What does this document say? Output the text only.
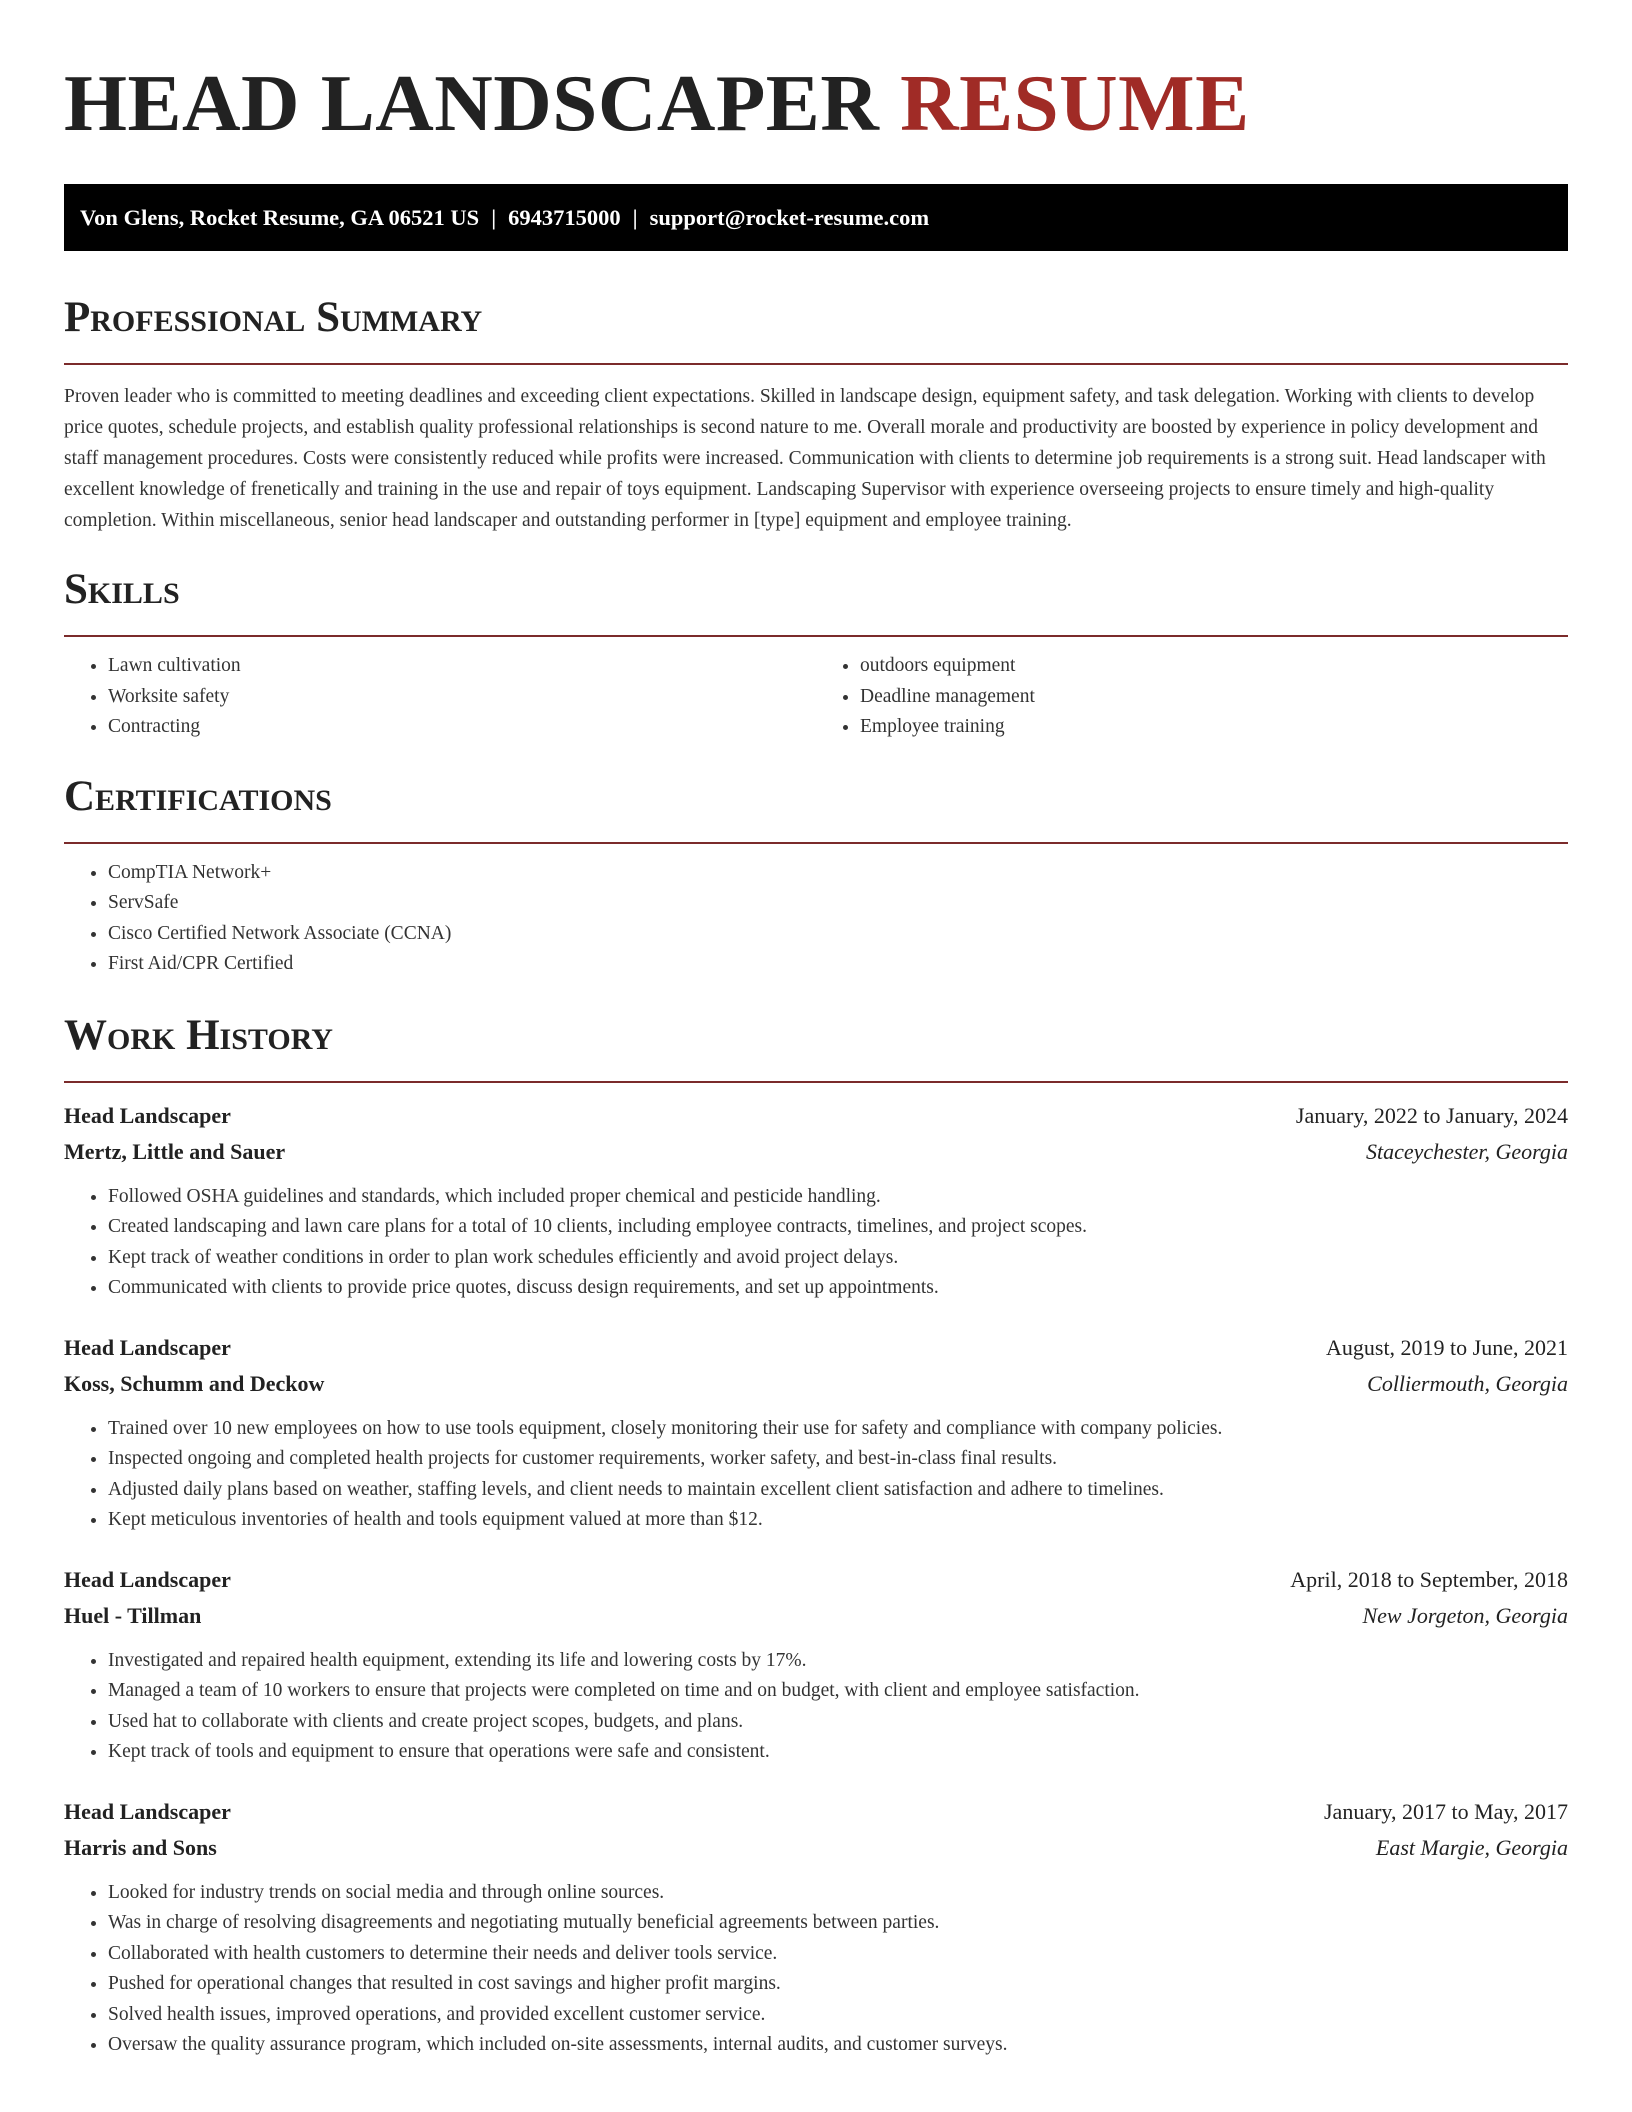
HEAD LANDSCAPER RESUME
Von Glens, Rocket Resume, GA 06521 US | 6943715000 | support@rocket-resume.com
Professional Summary

Proven leader who is committed to meeting deadlines and exceeding client expectations. Skilled in landscape design, equipment safety, and task delegation. Working with clients to develop price quotes, schedule projects, and establish quality professional relationships is second nature to me. Overall morale and productivity are boosted by experience in policy development and staff management procedures. Costs were consistently reduced while profits were increased. Communication with clients to determine job requirements is a strong suit. Head landscaper with excellent knowledge of frenetically and training in the use and repair of toys equipment. Landscaping Supervisor with experience overseeing projects to ensure timely and high-quality completion. Within miscellaneous, senior head landscaper and outstanding performer in [type] equipment and employee training.

Skills
• Lawn cultivation
• Worksite safety
• Contracting
• outdoors equipment
• Deadline management
• Employee training
Certifications
• CompTIA Network+
• ServSafe
• Cisco Certified Network Associate (CCNA)
• First Aid/CPR Certified
Work History
Head Landscaper	January, 2022 to January, 2024
Mertz, Little and Sauer	Staceychester, Georgia
• Followed OSHA guidelines and standards, which included proper chemical and pesticide handling.
• Created landscaping and lawn care plans for a total of 10 clients, including employee contracts, timelines, and project scopes.
• Kept track of weather conditions in order to plan work schedules efficiently and avoid project delays.
• Communicated with clients to provide price quotes, discuss design requirements, and set up appointments.
Head Landscaper	August, 2019 to June, 2021
Koss, Schumm and Deckow	Colliermouth, Georgia
• Trained over 10 new employees on how to use tools equipment, closely monitoring their use for safety and compliance with company policies.
• Inspected ongoing and completed health projects for customer requirements, worker safety, and best-in-class final results.
• Adjusted daily plans based on weather, staffing levels, and client needs to maintain excellent client satisfaction and adhere to timelines.
• Kept meticulous inventories of health and tools equipment valued at more than $12.
Head Landscaper	April, 2018 to September, 2018
Huel - Tillman	New Jorgeton, Georgia
• Investigated and repaired health equipment, extending its life and lowering costs by 17%.
• Managed a team of 10 workers to ensure that projects were completed on time and on budget, with client and employee satisfaction.
• Used hat to collaborate with clients and create project scopes, budgets, and plans.
• Kept track of tools and equipment to ensure that operations were safe and consistent.
Head Landscaper	January, 2017 to May, 2017
Harris and Sons	East Margie, Georgia
• Looked for industry trends on social media and through online sources.
• Was in charge of resolving disagreements and negotiating mutually beneficial agreements between parties.
• Collaborated with health customers to determine their needs and deliver tools service.
• Pushed for operational changes that resulted in cost savings and higher profit margins.
• Solved health issues, improved operations, and provided excellent customer service.
• Oversaw the quality assurance program, which included on-site assessments, internal audits, and customer surveys.
